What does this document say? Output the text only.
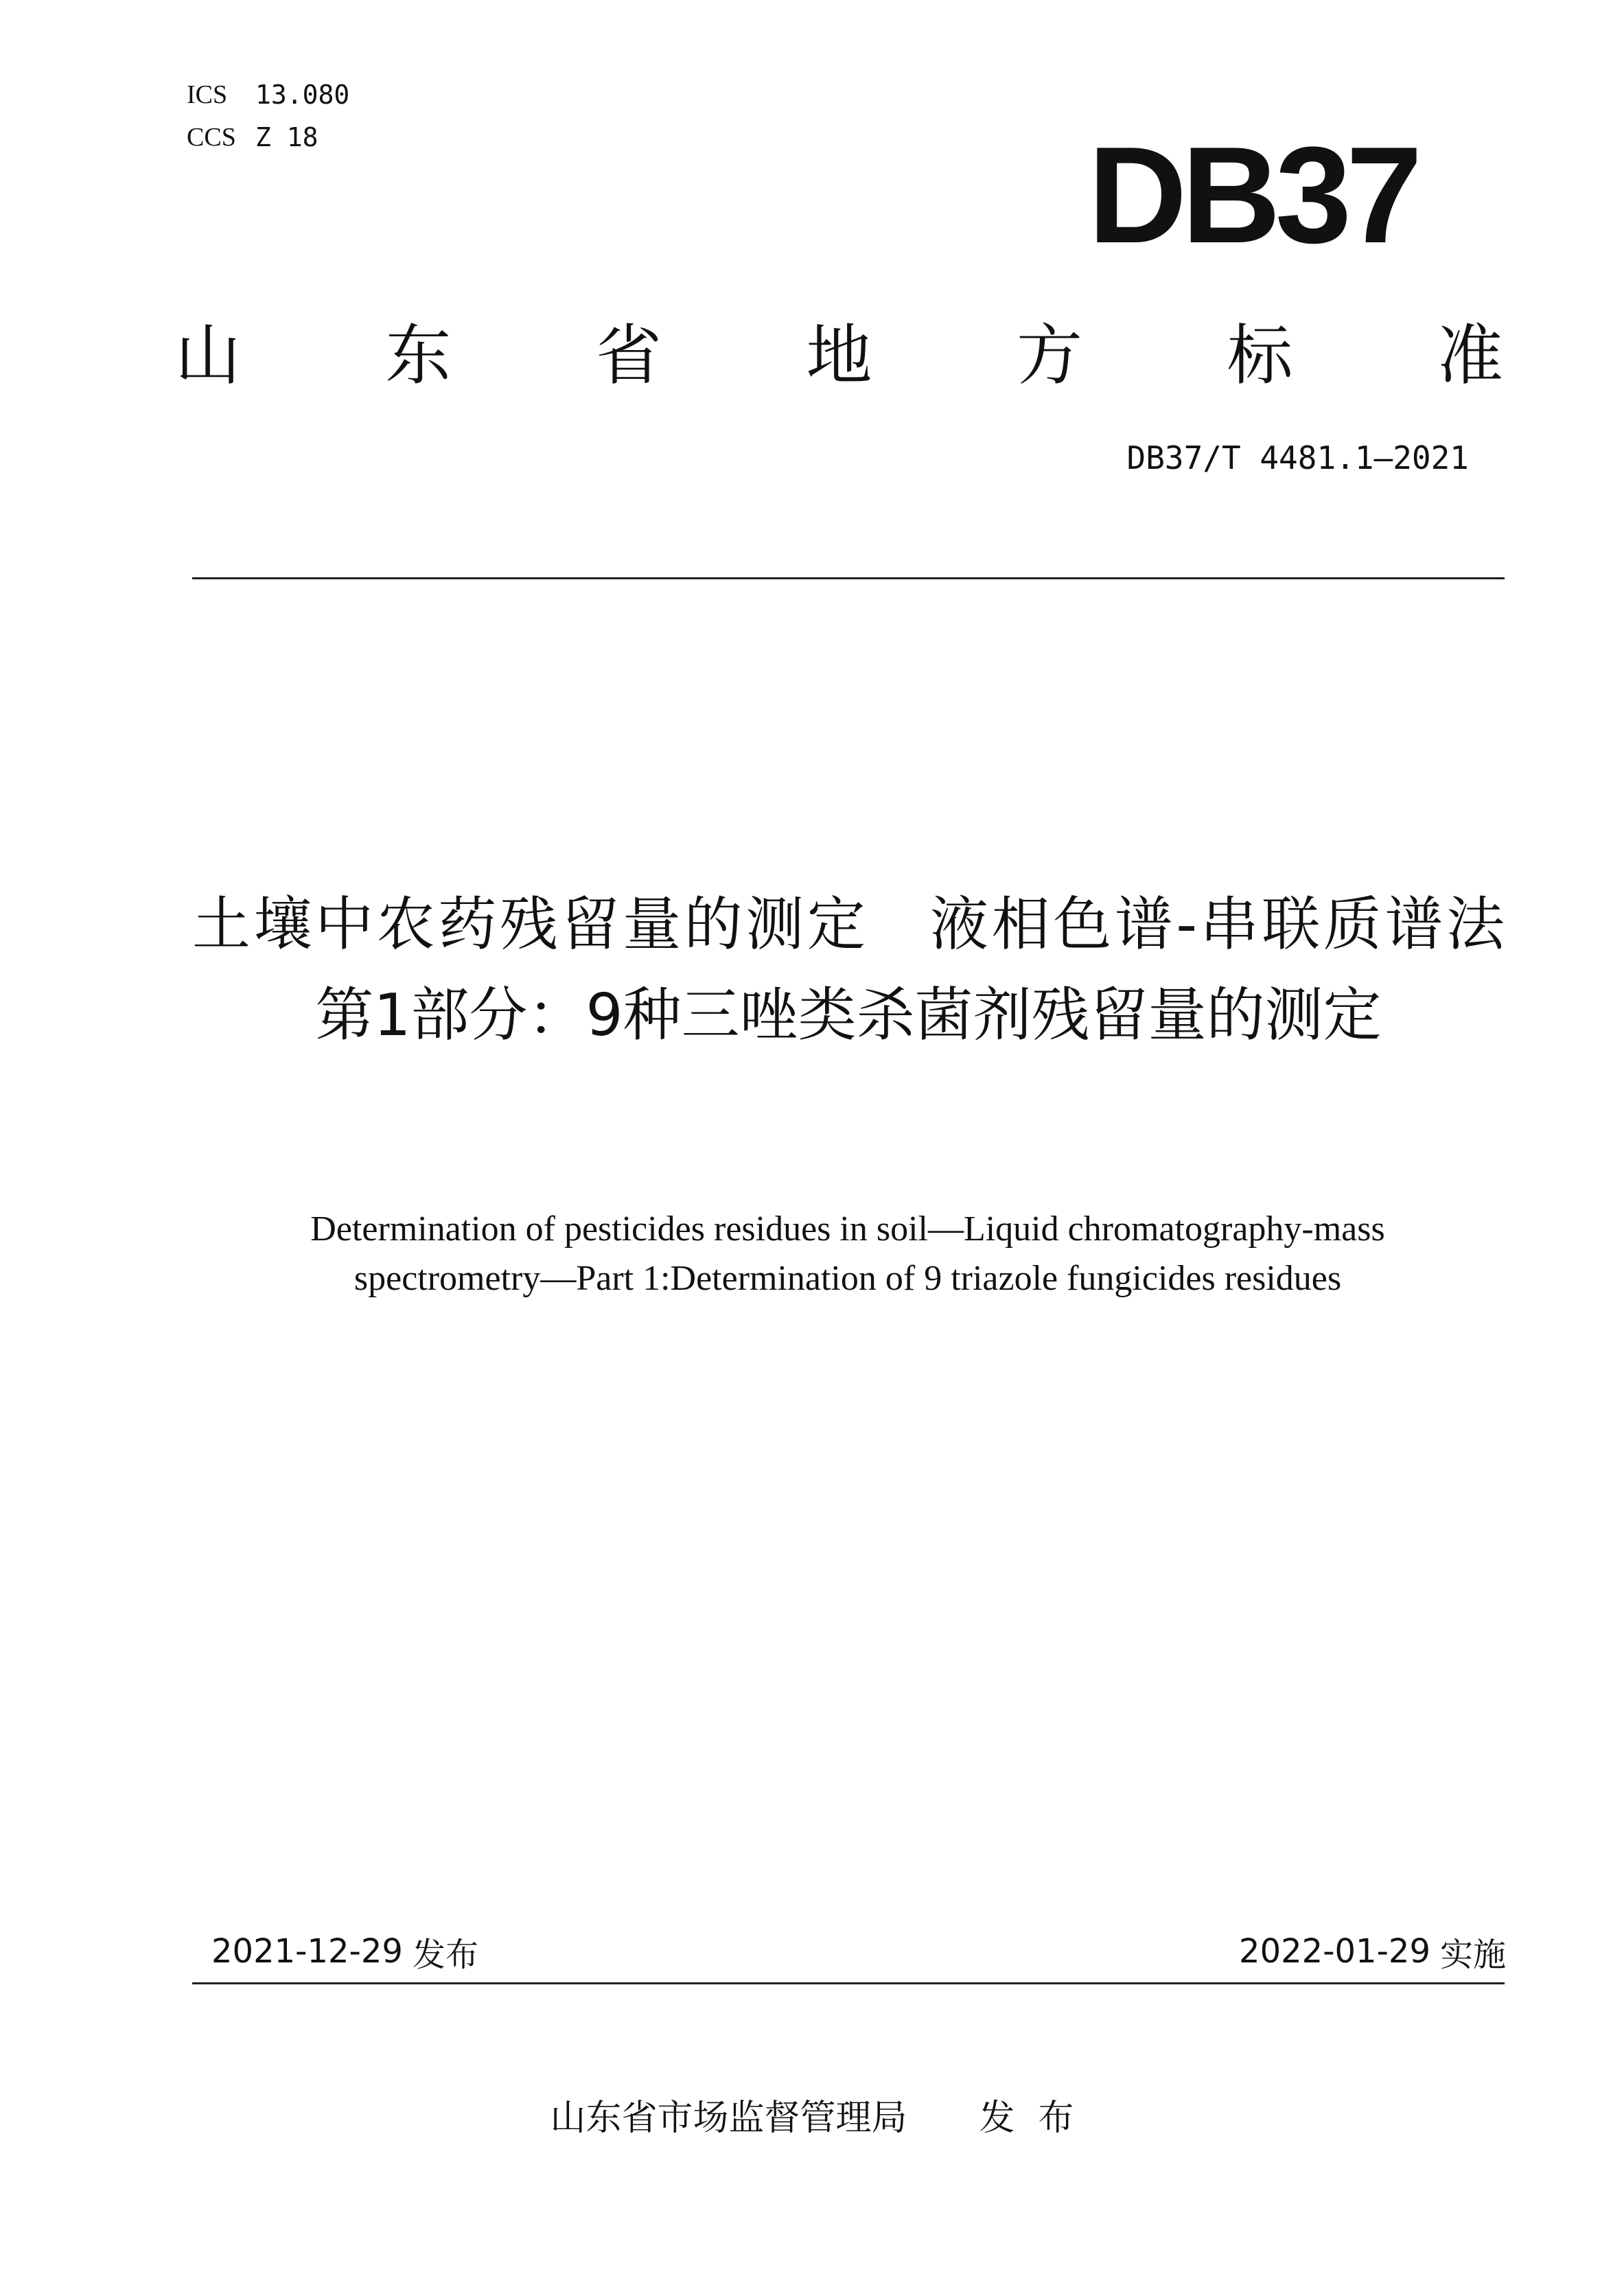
ICS	13.080
CCS Z 18	DB37
山 东 省 地 方 标 准
DB37/T 4481.1—2021
土壤中农药残留量的测定　液相色谱-串联质谱法　第1部分：9种三唑类杀菌剂残留量的测定
Determination of pesticides residues in soil—Liquid chromatography-mass spectrometry—Part 1:Determination of 9 triazole fungicides residues
2021-12-29 发布	2022-01-29 实施
山东省市场监督管理局 发布
